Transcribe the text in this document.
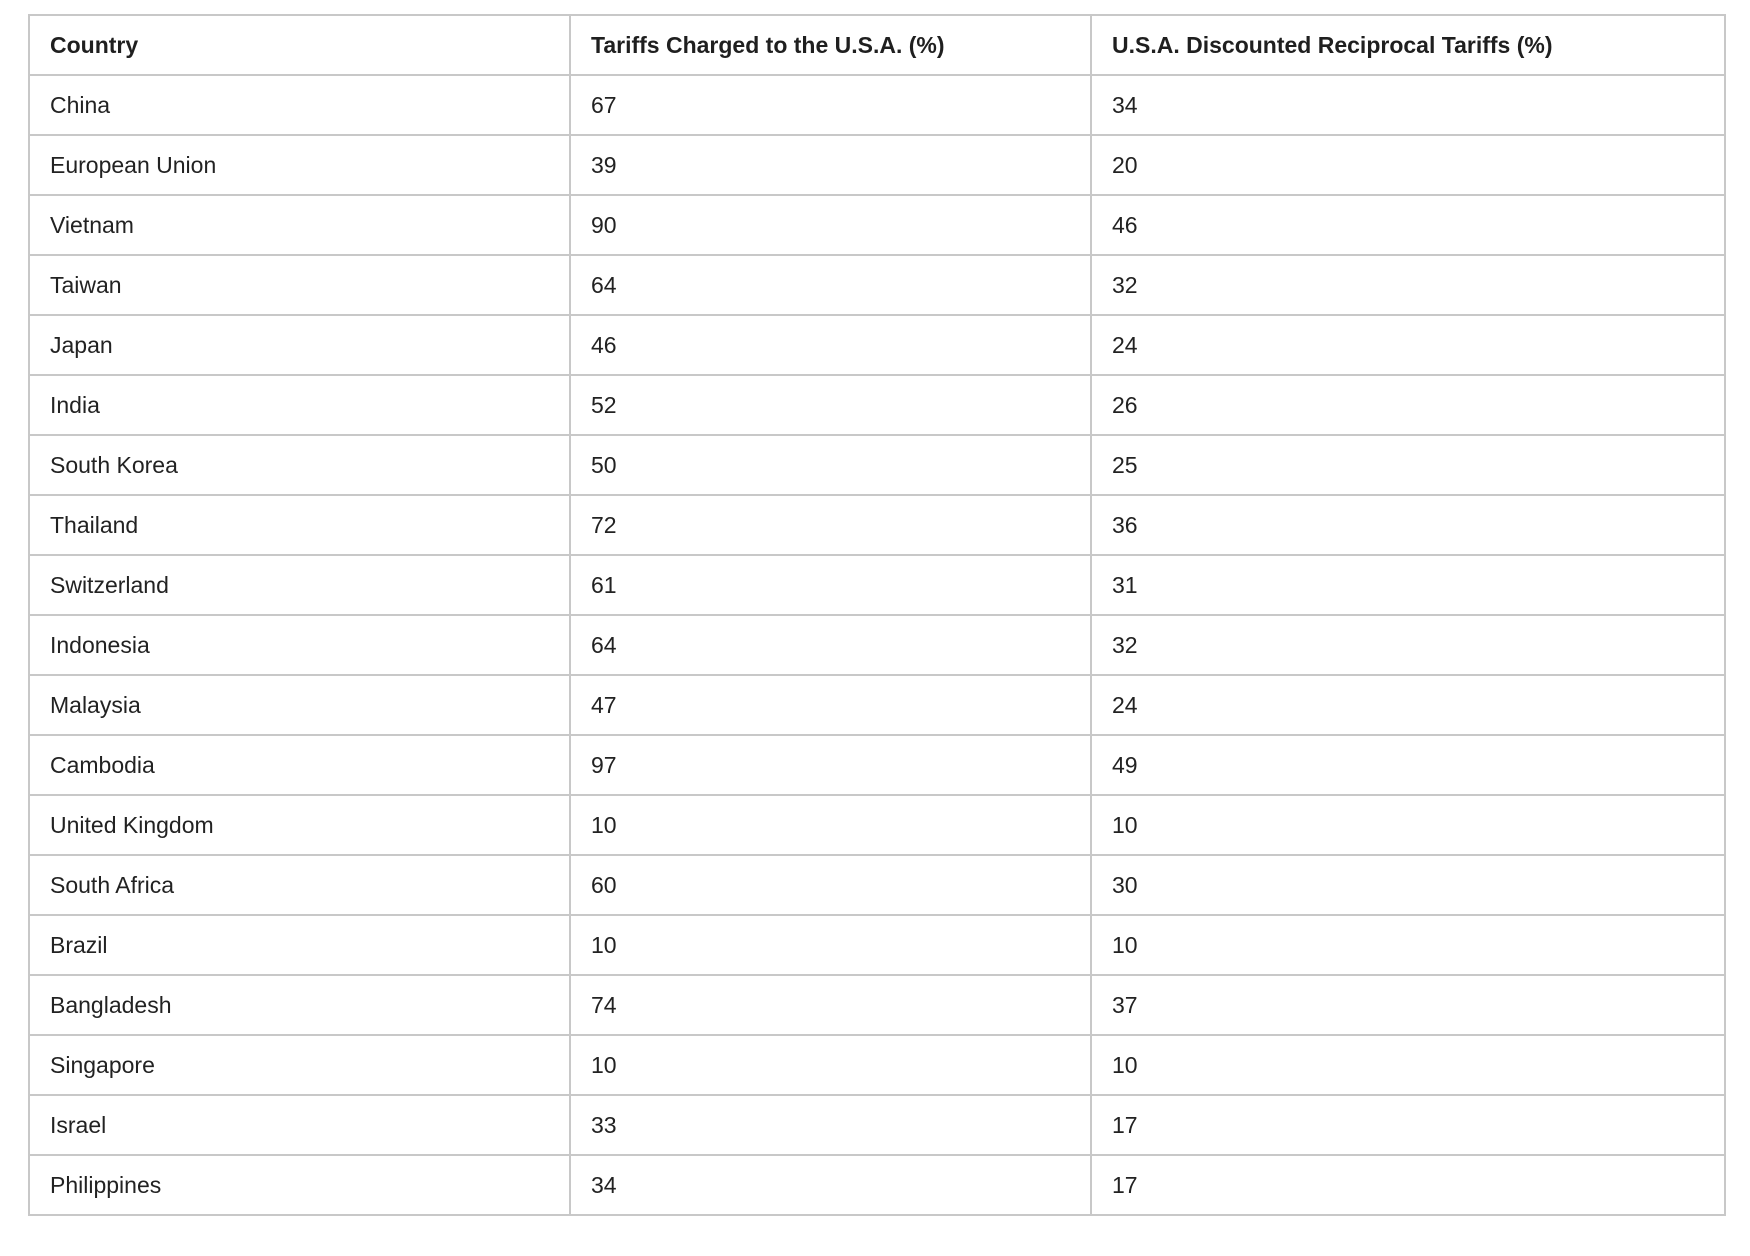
Country	Tariffs Charged to the U.S.A. (%)	U.S.A. Discounted Reciprocal Tariffs (%)
China	67	34
European Union	39	20
Vietnam	90	46
Taiwan	64	32
Japan	46	24
India	52	26
South Korea	50	25
Thailand	72	36
Switzerland	61	31
Indonesia	64	32
Malaysia	47	24
Cambodia	97	49
United Kingdom	10	10
South Africa	60	30
Brazil	10	10
Bangladesh	74	37
Singapore	10	10
Israel	33	17
Philippines	34	17
